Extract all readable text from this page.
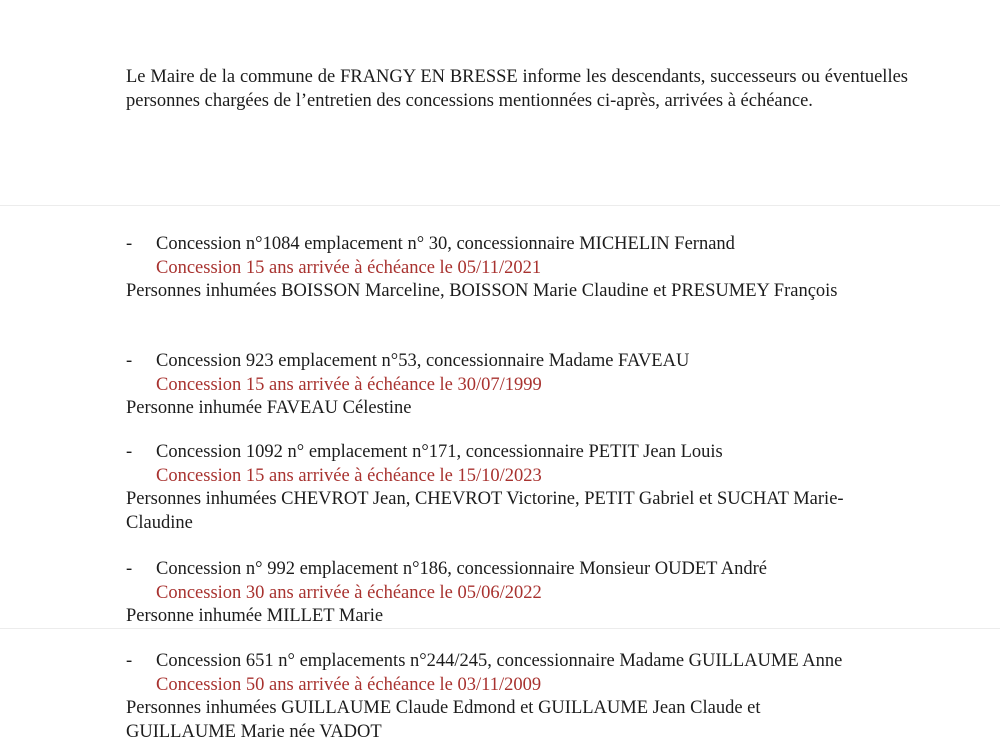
Le Maire de la commune de FRANGY EN BRESSE informe les descendants, successeurs ou éventuelles personnes chargées de l’entretien des concessions mentionnées ci-après, arrivées à échéance.
- Concession n°1084 emplacement n° 30, concessionnaire MICHELIN Fernand
Concession 15 ans arrivée à échéance le 05/11/2021
Personnes inhumées BOISSON Marceline, BOISSON Marie Claudine et PRESUMEY François
- Concession 923 emplacement n°53, concessionnaire Madame FAVEAU
Concession 15 ans arrivée à échéance le 30/07/1999
Personne inhumée FAVEAU Célestine
- Concession 1092 n° emplacement n°171, concessionnaire PETIT Jean Louis
Concession 15 ans arrivée à échéance le 15/10/2023
Personnes inhumées CHEVROT Jean, CHEVROT Victorine, PETIT Gabriel et SUCHAT Marie-Claudine
- Concession n° 992 emplacement n°186, concessionnaire Monsieur OUDET André
Concession 30 ans arrivée à échéance le 05/06/2022
Personne inhumée MILLET Marie
- Concession 651 n° emplacements n°244/245, concessionnaire Madame GUILLAUME Anne
Concession 50 ans arrivée à échéance le 03/11/2009
Personnes inhumées GUILLAUME Claude Edmond et GUILLAUME Jean Claude et GUILLAUME Marie née VADOT
